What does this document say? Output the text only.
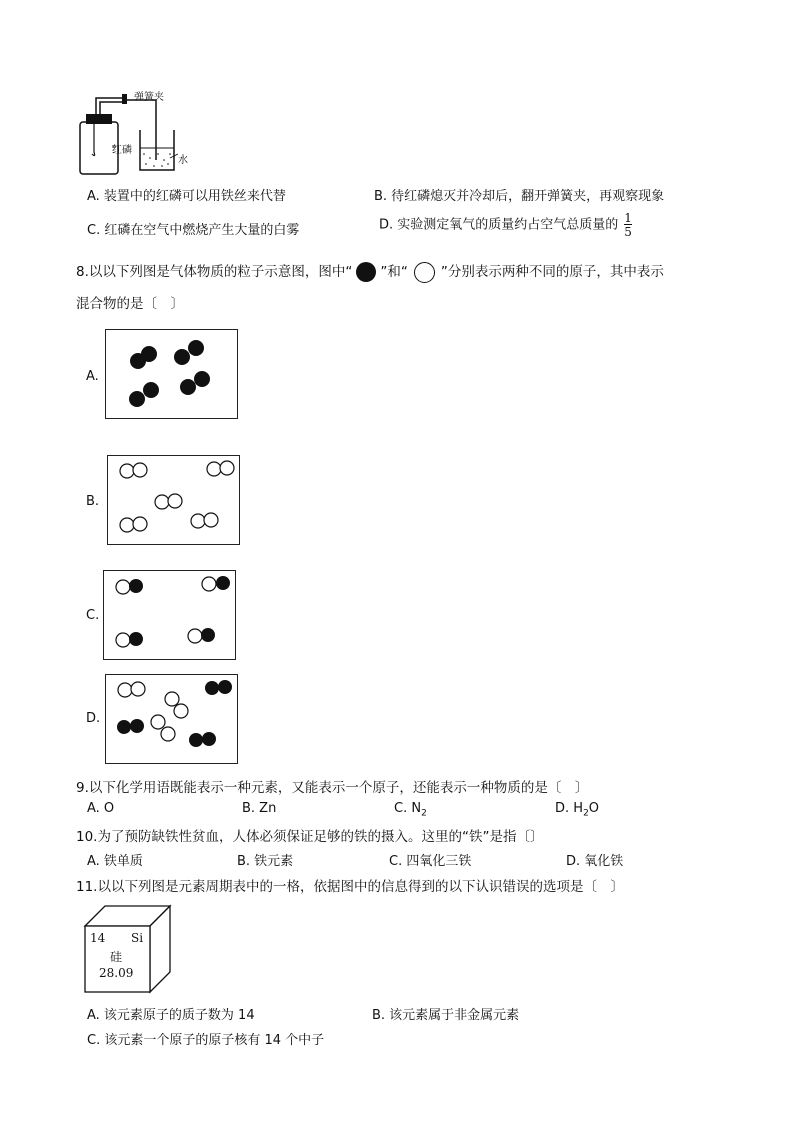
弹簧夹
红磷
水
A. 装置中的红磷可以用铁丝来代替	B. 待红磷熄灭并冷却后，翻开弹簧夹，再观察现象
C. 红磷在空气中燃烧产生大量的白雾	D. 实验测定氧气的质量约占空气总质量的 $\frac{1}{5}$
8.以以下列图是气体物质的粒子示意图，图中“ ”和“ ”分别表示两种不同的原子，其中表示
混合物的是〔　〕
A.
B.
C.
D.
9.以下化学用语既能表示一种元素，又能表示一个原子，还能表示一种物质的是〔　〕
A. O	B. Zn	C. $N_2$	D. $H_2O$
10.为了预防缺铁性贫血，人体必须保证足够的铁的摄入。这里的“铁”是指〔〕
A. 铁单质	B. 铁元素	C. 四氧化三铁	D. 氧化铁
11.以以下列图是元素周期表中的一格，依据图中的信息得到的以下认识错误的选项是〔　〕
14 Si
硅
28.09
A. 该元素原子的质子数为 14	B. 该元素属于非金属元素
C. 该元素一个原子的原子核有 14 个中子
